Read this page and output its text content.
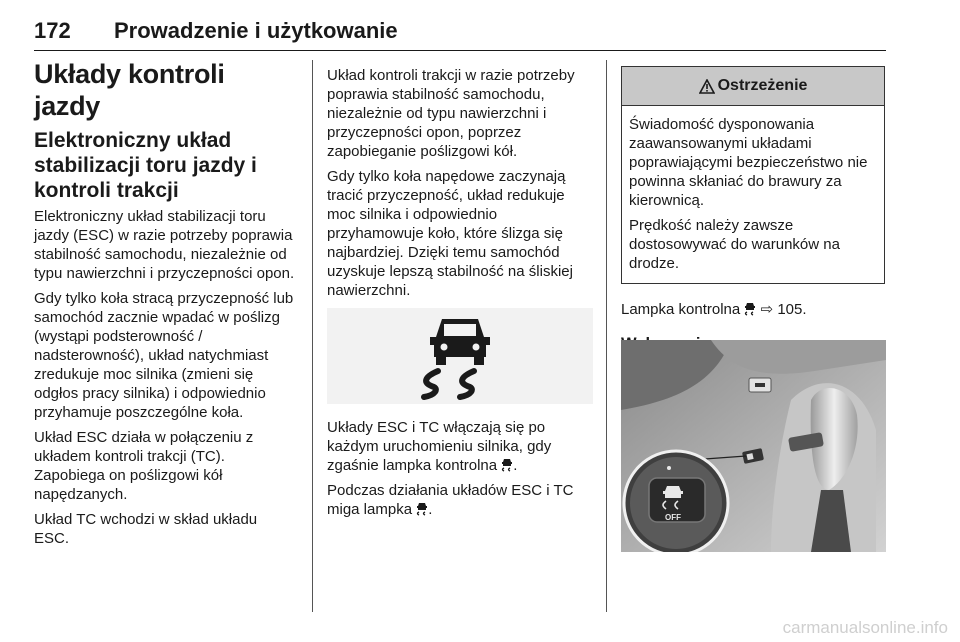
172 Prowadzenie i użytkowanie
Układy kontroli jazdy
Elektroniczny układ stabilizacji toru jazdy i kontroli trakcji

Elektroniczny układ stabilizacji toru jazdy (ESC) w razie potrzeby poprawia stabilność samochodu, niezależnie od typu nawierzchni i przyczepności opon.

Gdy tylko koła stracą przyczepność lub samochód zacznie wpadać w poślizg (wystąpi podsterowność / nadsterowność), układ natychmiast zredukuje moc silnika (zmieni się odgłos pracy silnika) i odpowiednio przyhamuje poszczególne koła.

Układ ESC działa w połączeniu z układem kontroli trakcji (TC). Zapobiega on poślizgowi kół napędzanych.

Układ TC wchodzi w skład układu ESC.

Układ kontroli trakcji w razie potrzeby poprawia stabilność samochodu, niezależnie od typu nawierzchni i przyczepności opon, poprzez zapobieganie poślizgowi kół.

Gdy tylko koła napędowe zaczynają tracić przyczepność, układ redukuje moc silnika i odpowiednio przyhamowuje koło, które ślizga się najbardziej. Dzięki temu samochód uzyskuje lepszą stabilność na śliskiej nawierzchni.

Układy ESC i TC włączają się po każdym uruchomieniu silnika, gdy zgaśnie lampka kontrolna .

Podczas działania układów ESC i TC miga lampka .

Ostrzeżenie

Świadomość dysponowania zaawansowanymi układami poprawiającymi bezpieczeństwo nie powinna skłaniać do brawury za kierownicą.

Prędkość należy zawsze dostosowywać do warunków na drodze.

Lampka kontrolna ⇨ 105.

OFF
carmanualsonline.info
